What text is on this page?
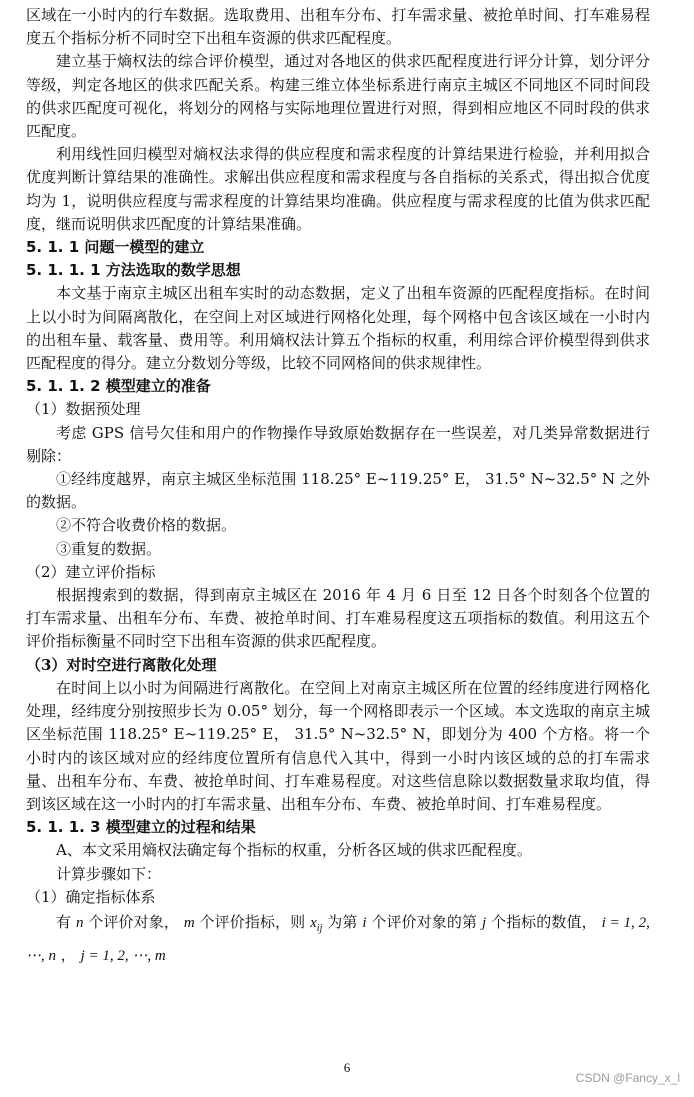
区域在一小时内的行车数据。选取费用、出租车分布、打车需求量、被抢单时间、打车难易程度五个指标分析不同时空下出租车资源的供求匹配程度。

建立基于熵权法的综合评价模型，通过对各地区的供求匹配程度进行评分计算，划分评分等级，判定各地区的供求匹配关系。构建三维立体坐标系进行南京主城区不同地区不同时间段的供求匹配度可视化，将划分的网格与实际地理位置进行对照，得到相应地区不同时段的供求匹配度。

利用线性回归模型对熵权法求得的供应程度和需求程度的计算结果进行检验，并利用拟合优度判断计算结果的准确性。求解出供应程度和需求程度与各自指标的关系式，得出拟合优度均为 1，说明供应程度与需求程度的计算结果均准确。供应程度与需求程度的比值为供求匹配度，继而说明供求匹配度的计算结果准确。

5. 1. 1 问题一模型的建立
5. 1. 1. 1 方法选取的数学思想

本文基于南京主城区出租车实时的动态数据，定义了出租车资源的匹配程度指标。在时间上以小时为间隔离散化，在空间上对区域进行网格化处理，每个网格中包含该区域在一小时内的出租车量、载客量、费用等。利用熵权法计算五个指标的权重，利用综合评价模型得到供求匹配程度的得分。建立分数划分等级，比较不同网格间的供求规律性。

5. 1. 1. 2 模型建立的准备
（1）数据预处理

考虑 GPS 信号欠佳和用户的作物操作导致原始数据存在一些误差，对几类异常数据进行剔除：

①经纬度越界，南京主城区坐标范围 118.25° E~119.25° E， 31.5° N~32.5° N 之外的数据。

②不符合收费价格的数据。

③重复的数据。

（2）建立评价指标

根据搜索到的数据，得到南京主城区在 2016 年 4 月 6 日至 12 日各个时刻各个位置的打车需求量、出租车分布、车费、被抢单时间、打车难易程度这五项指标的数值。利用这五个评价指标衡量不同时空下出租车资源的供求匹配程度。

（3）对时空进行离散化处理

在时间上以小时为间隔进行离散化。在空间上对南京主城区所在位置的经纬度进行网格化处理，经纬度分别按照步长为 0.05° 划分，每一个网格即表示一个区域。本文选取的南京主城区坐标范围 118.25° E~119.25° E， 31.5° N~32.5° N，即划分为 400 个方格。将一个小时内的该区域对应的经纬度位置所有信息代入其中，得到一小时内该区域的总的打车需求量、出租车分布、车费、被抢单时间、打车难易程度。对这些信息除以数据数量求取均值，得到该区域在这一小时内的打车需求量、出租车分布、车费、被抢单时间、打车难易程度。

5. 1. 1. 3 模型建立的过程和结果

A、本文采用熵权法确定每个指标的权重，分析各区域的供求匹配程度。

计算步骤如下：

（1）确定指标体系

有 n 个评价对象， m 个评价指标，则 $x_{ij}$ 为第 i 个评价对象的第 j 个指标的数值， i = 1, 2, ⋯, n ， j = 1, 2, ⋯, m

6
CSDN @Fancy_x_l
